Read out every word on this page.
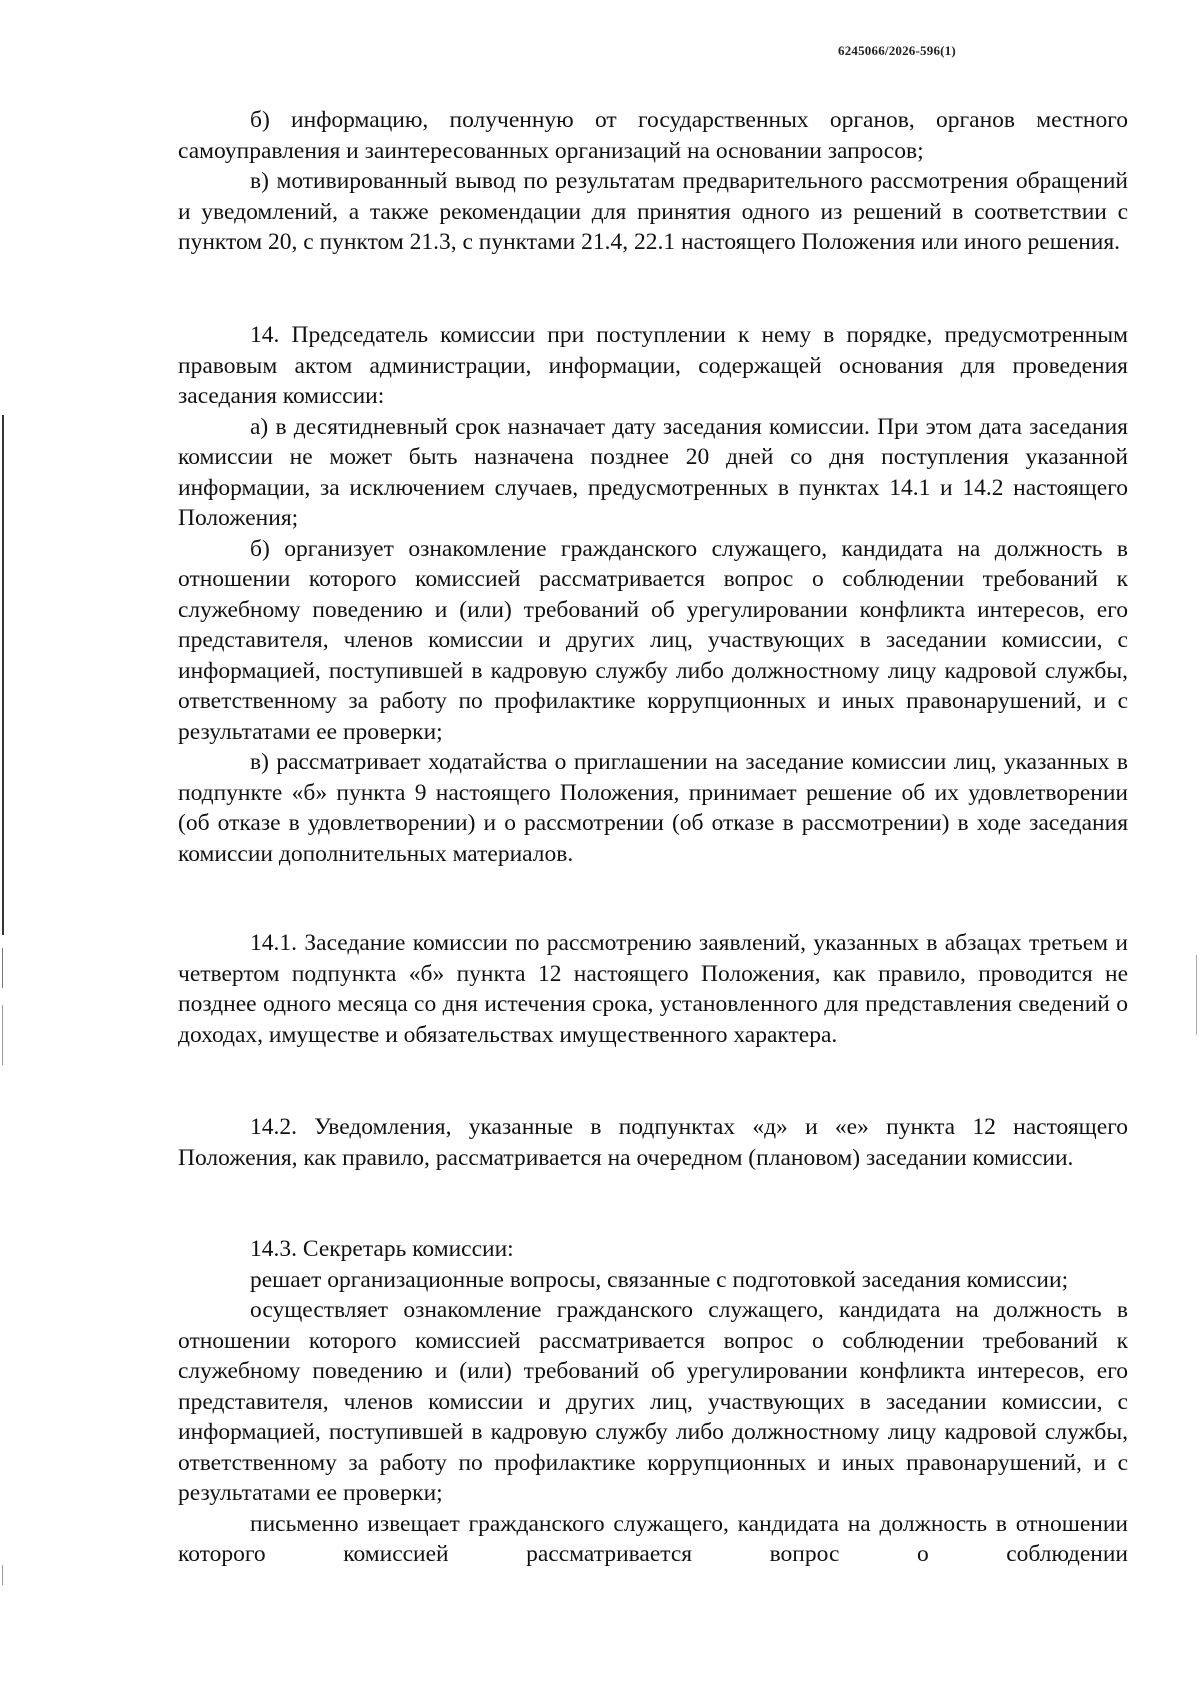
6245066/2026-596(1)

б) информацию, полученную от государственных органов, органов местного самоуправления и заинтересованных организаций на основании запросов;

в) мотивированный вывод по результатам предварительного рассмотрения обращений и уведомлений, а также рекомендации для принятия одного из решений в соответствии с пунктом 20, с пунктом 21.3, с пунктами 21.4, 22.1 настоящего Положения или иного решения.

14. Председатель комиссии при поступлении к нему в порядке, предусмотренным правовым актом администрации, информации, содержащей основания для проведения заседания комиссии:

а) в десятидневный срок назначает дату заседания комиссии. При этом дата заседания комиссии не может быть назначена позднее 20 дней со дня поступления указанной информации, за исключением случаев, предусмотренных в пунктах 14.1 и 14.2 настоящего Положения;

б) организует ознакомление гражданского служащего, кандидата на должность в отношении которого комиссией рассматривается вопрос о соблюдении требований к служебному поведению и (или) требований об урегулировании конфликта интересов, его представителя, членов комиссии и других лиц, участвующих в заседании комиссии, с информацией, поступившей в кадровую службу либо должностному лицу кадровой службы, ответственному за работу по профилактике коррупционных и иных правонарушений, и с результатами ее проверки;

в) рассматривает ходатайства о приглашении на заседание комиссии лиц, указанных в подпункте «б» пункта 9 настоящего Положения, принимает решение об их удовлетворении (об отказе в удовлетворении) и о рассмотрении (об отказе в рассмотрении) в ходе заседания комиссии дополнительных материалов.

14.1. Заседание комиссии по рассмотрению заявлений, указанных в абзацах третьем и четвертом подпункта «б» пункта 12 настоящего Положения, как правило, проводится не позднее одного месяца со дня истечения срока, установленного для представления сведений о доходах, имуществе и обязательствах имущественного характера.

14.2. Уведомления, указанные в подпунктах «д» и «е» пункта 12 настоящего Положения, как правило, рассматривается на очередном (плановом) заседании комиссии.

14.3. Секретарь комиссии:

решает организационные вопросы, связанные с подготовкой заседания комиссии;

осуществляет ознакомление гражданского служащего, кандидата на должность в отношении которого комиссией рассматривается вопрос о соблюдении требований к служебному поведению и (или) требований об урегулировании конфликта интересов, его представителя, членов комиссии и других лиц, участвующих в заседании комиссии, с информацией, поступившей в кадровую службу либо должностному лицу кадровой службы, ответственному за работу по профилактике коррупционных и иных правонарушений, и с результатами ее проверки;

письменно извещает гражданского служащего, кандидата на должность в отношении которого комиссией рассматривается вопрос о соблюдении
